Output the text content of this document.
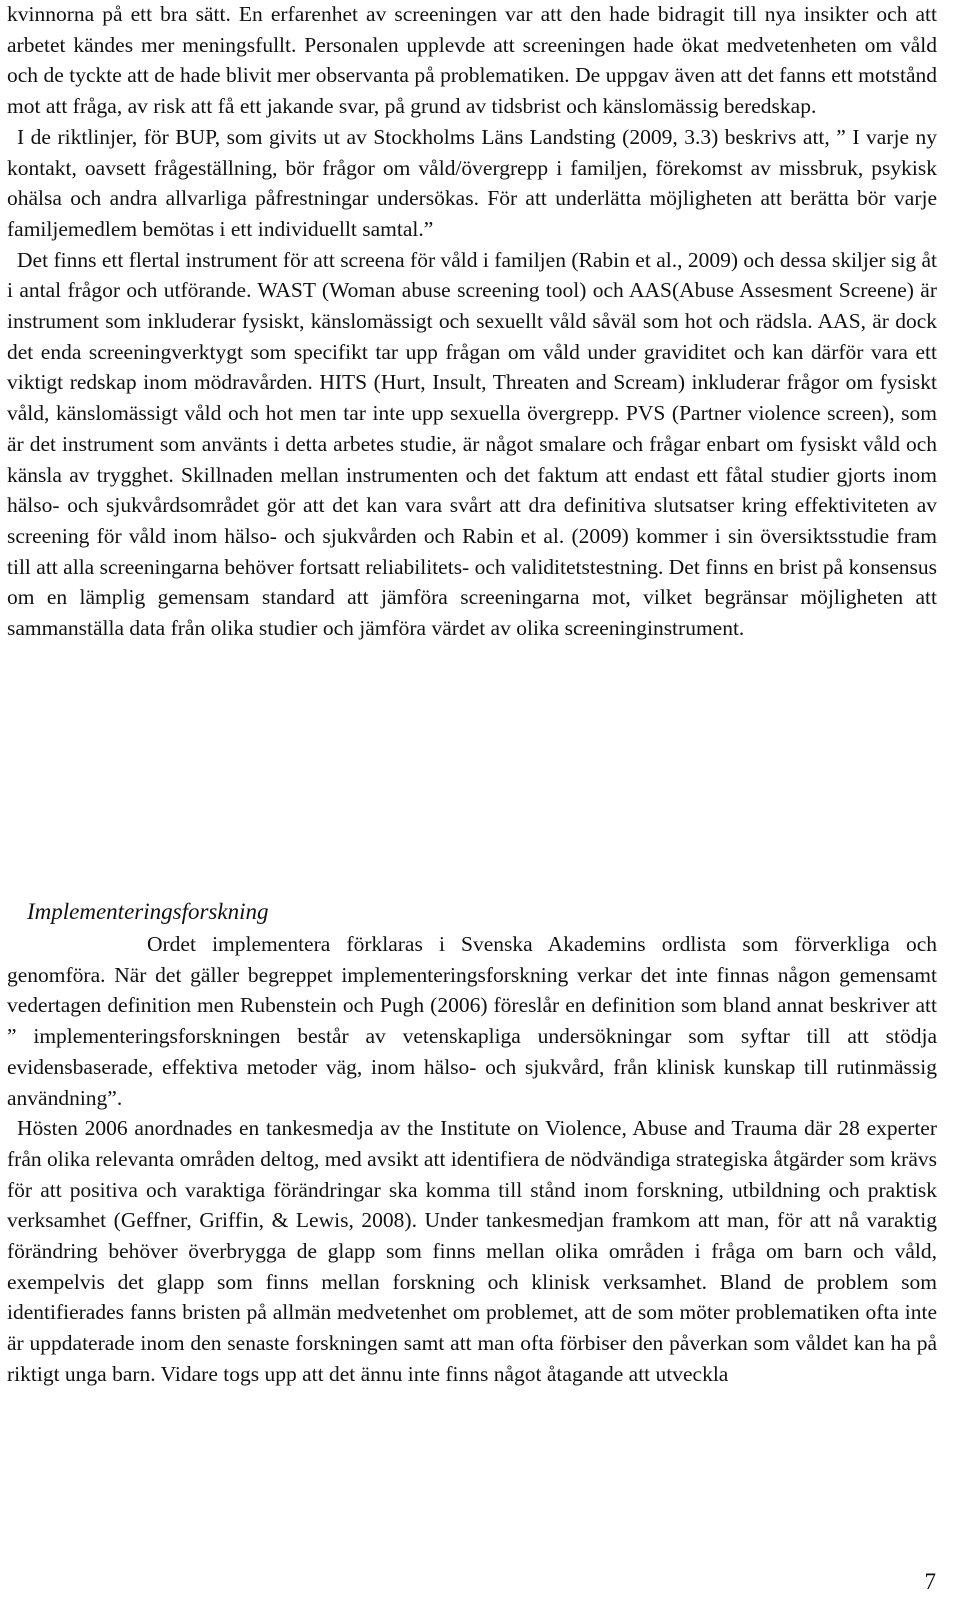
kvinnorna på ett bra sätt. En erfarenhet av screeningen var att den hade bidragit till nya insikter och att arbetet kändes mer meningsfullt. Personalen upplevde att screeningen hade ökat medvetenheten om våld och de tyckte att de hade blivit mer observanta på problematiken. De uppgav även att det fanns ett motstånd mot att fråga, av risk att få ett jakande svar, på grund av tidsbrist och känslomässig beredskap.

I de riktlinjer, för BUP, som givits ut av Stockholms Läns Landsting (2009, 3.3) beskrivs att, ” I varje ny kontakt, oavsett frågeställning, bör frågor om våld/övergrepp i familjen, förekomst av missbruk, psykisk ohälsa och andra allvarliga påfrestningar undersökas. För att underlätta möjligheten att berätta bör varje familjemedlem bemötas i ett individuellt samtal.”

Det finns ett flertal instrument för att screena för våld i familjen (Rabin et al., 2009) och dessa skiljer sig åt i antal frågor och utförande. WAST (Woman abuse screening tool) och AAS(Abuse Assesment Screene) är instrument som inkluderar fysiskt, känslomässigt och sexuellt våld såväl som hot och rädsla. AAS, är dock det enda screeningverktygt som specifikt tar upp frågan om våld under graviditet och kan därför vara ett viktigt redskap inom mödravården. HITS (Hurt, Insult, Threaten and Scream) inkluderar frågor om fysiskt våld, känslomässigt våld och hot men tar inte upp sexuella övergrepp. PVS (Partner violence screen), som är det instrument som använts i detta arbetes studie, är något smalare och frågar enbart om fysiskt våld och känsla av trygghet. Skillnaden mellan instrumenten och det faktum att endast ett fåtal studier gjorts inom hälso- och sjukvårdsområdet gör att det kan vara svårt att dra definitiva slutsatser kring effektiviteten av screening för våld inom hälso- och sjukvården och Rabin et al. (2009) kommer i sin översiktsstudie fram till att alla screeningarna behöver fortsatt reliabilitets- och validitetstestning. Det finns en brist på konsensus om en lämplig gemensam standard att jämföra screeningarna mot, vilket begränsar möjligheten att sammanställa data från olika studier och jämföra värdet av olika screeninginstrument.

Implementeringsforskning

Ordet implementera förklaras i Svenska Akademins ordlista som förverkliga och genomföra. När det gäller begreppet implementeringsforskning verkar det inte finnas någon gemensamt vedertagen definition men Rubenstein och Pugh (2006) föreslår en definition som bland annat beskriver att ” implementeringsforskningen består av vetenskapliga undersökningar som syftar till att stödja evidensbaserade, effektiva metoder väg, inom hälso- och sjukvård, från klinisk kunskap till rutinmässig användning”.

Hösten 2006 anordnades en tankesmedja av the Institute on Violence, Abuse and Trauma där 28 experter från olika relevanta områden deltog, med avsikt att identifiera de nödvändiga strategiska åtgärder som krävs för att positiva och varaktiga förändringar ska komma till stånd inom forskning, utbildning och praktisk verksamhet (Geffner, Griffin, & Lewis, 2008). Under tankesmedjan framkom att man, för att nå varaktig förändring behöver överbrygga de glapp som finns mellan olika områden i fråga om barn och våld, exempelvis det glapp som finns mellan forskning och klinisk verksamhet. Bland de problem som identifierades fanns bristen på allmän medvetenhet om problemet, att de som möter problematiken ofta inte är uppdaterade inom den senaste forskningen samt att man ofta förbiser den påverkan som våldet kan ha på riktigt unga barn. Vidare togs upp att det ännu inte finns något åtagande att utveckla

7
